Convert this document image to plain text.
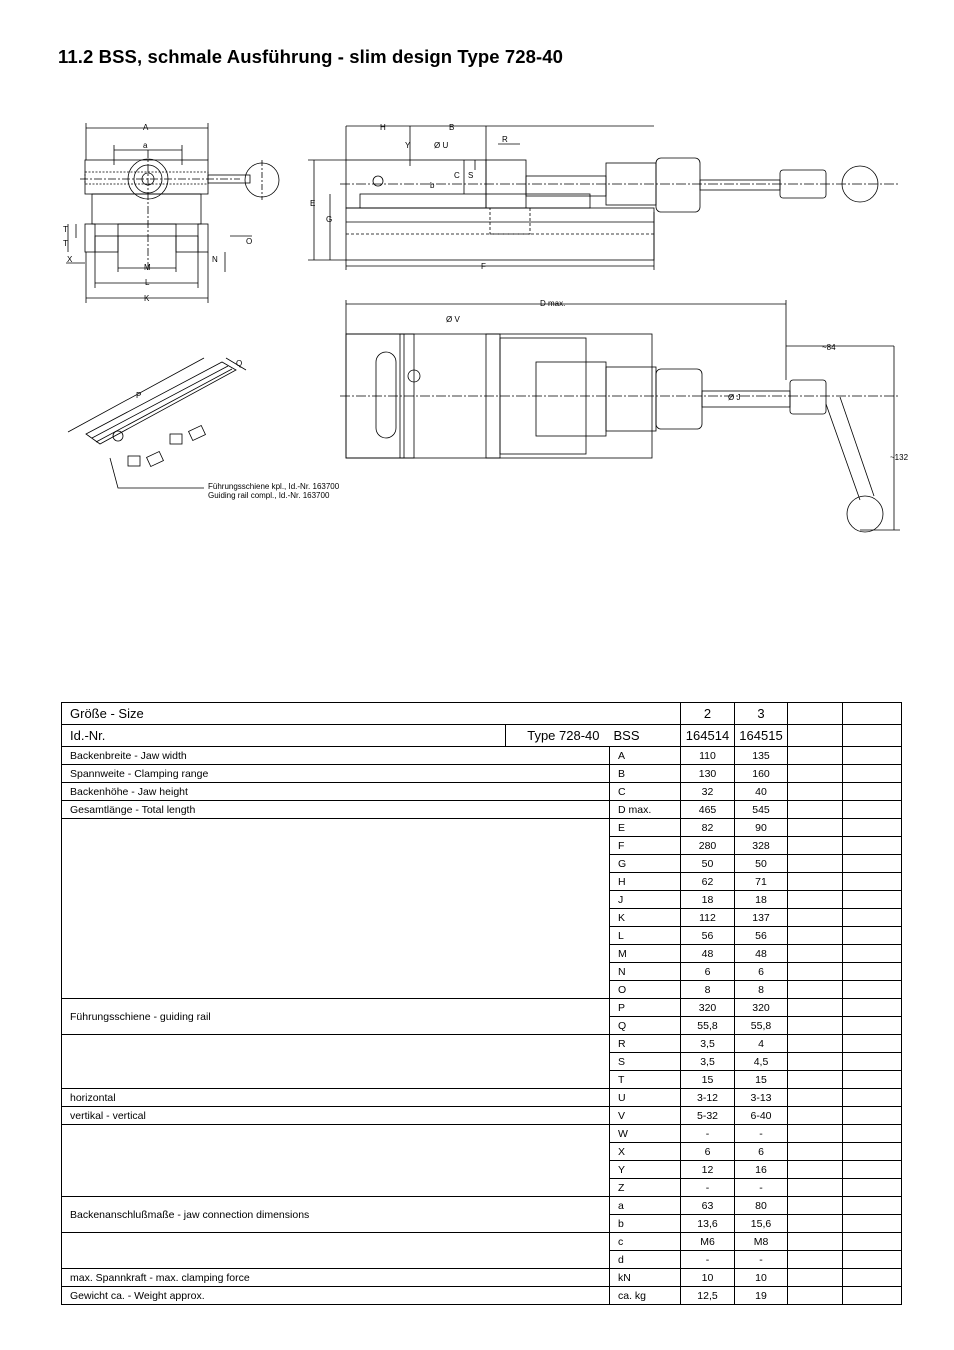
11.2 BSS, schmale Ausführung - slim design Type 728-40
A
a
T
T	O
X
M
N
L
K
H	B
R
Y	Ø U
C S
b
E
G
F
D max.
Ø V
Ø J
~84
~132
P
Q
Führungsschiene kpl., Id.-Nr. 163700
Guiding rail compl., Id.-Nr. 163700
Größe - Size			2	3		
Id.-Nr.	Type 728-40	BSS	164514	164515		
Backenbreite - Jaw width		A	110	135		
Spannweite - Clamping range		B	130	160		
Backenhöhe - Jaw height		C	32	40		
Gesamtlänge - Total length		D max.	465	545		
		E	82	90		
		F	280	328		
		G	50	50		
		H	62	71		
		J	18	18		
		K	112	137		
		L	56	56		
		M	48	48		
		N	6	6		
		O	8	8		
Führungsschiene - guiding rail		P	320	320		
		Q	55,8	55,8		
		R	3,5	4		
		S	3,5	4,5		
		T	15	15		
horizontal		U	3-12	3-13		
vertikal - vertical		V	5-32	6-40		
		W	-	-		
		X	6	6		
		Y	12	16		
		Z	-	-		
Backenanschlußmaße - jaw connection dimensions		a	63	80		
		b	13,6	15,6		
		c	M6	M8		
		d	-	-		
max. Spannkraft - max. clamping force		kN	10	10		
Gewicht ca. - Weight approx.		ca. kg	12,5	19		
